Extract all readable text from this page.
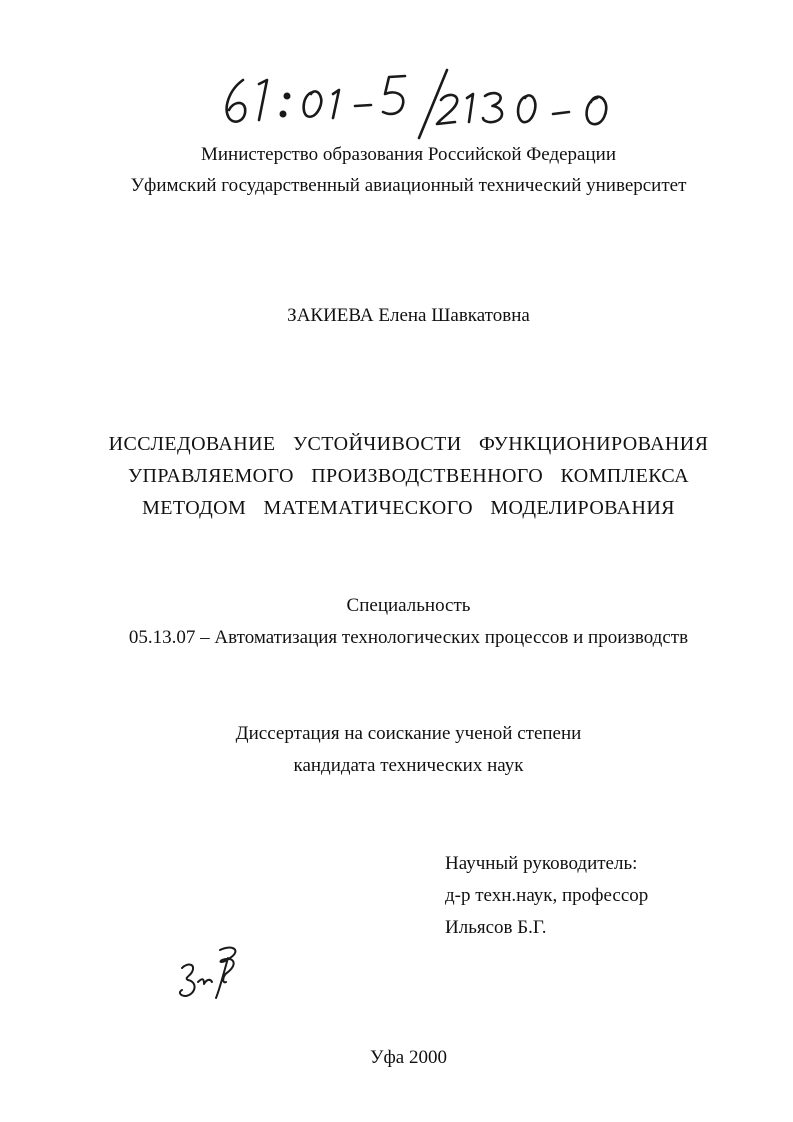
Министерство образования Российской Федерации
Уфимский государственный авиационный технический университет
ЗАКИЕВА Елена Шавкатовна
ИССЛЕДОВАНИЕ УСТОЙЧИВОСТИ ФУНКЦИОНИРОВАНИЯ
УПРАВЛЯЕМОГО ПРОИЗВОДСТВЕННОГО КОМПЛЕКСА
МЕТОДОМ МАТЕМАТИЧЕСКОГО МОДЕЛИРОВАНИЯ
Специальность
05.13.07 – Автоматизация технологических процессов и производств
Диссертация на соискание ученой степени
кандидата технических наук
Научный руководитель:
д-р техн.наук, профессор
Ильясов Б.Г.
Уфа 2000
